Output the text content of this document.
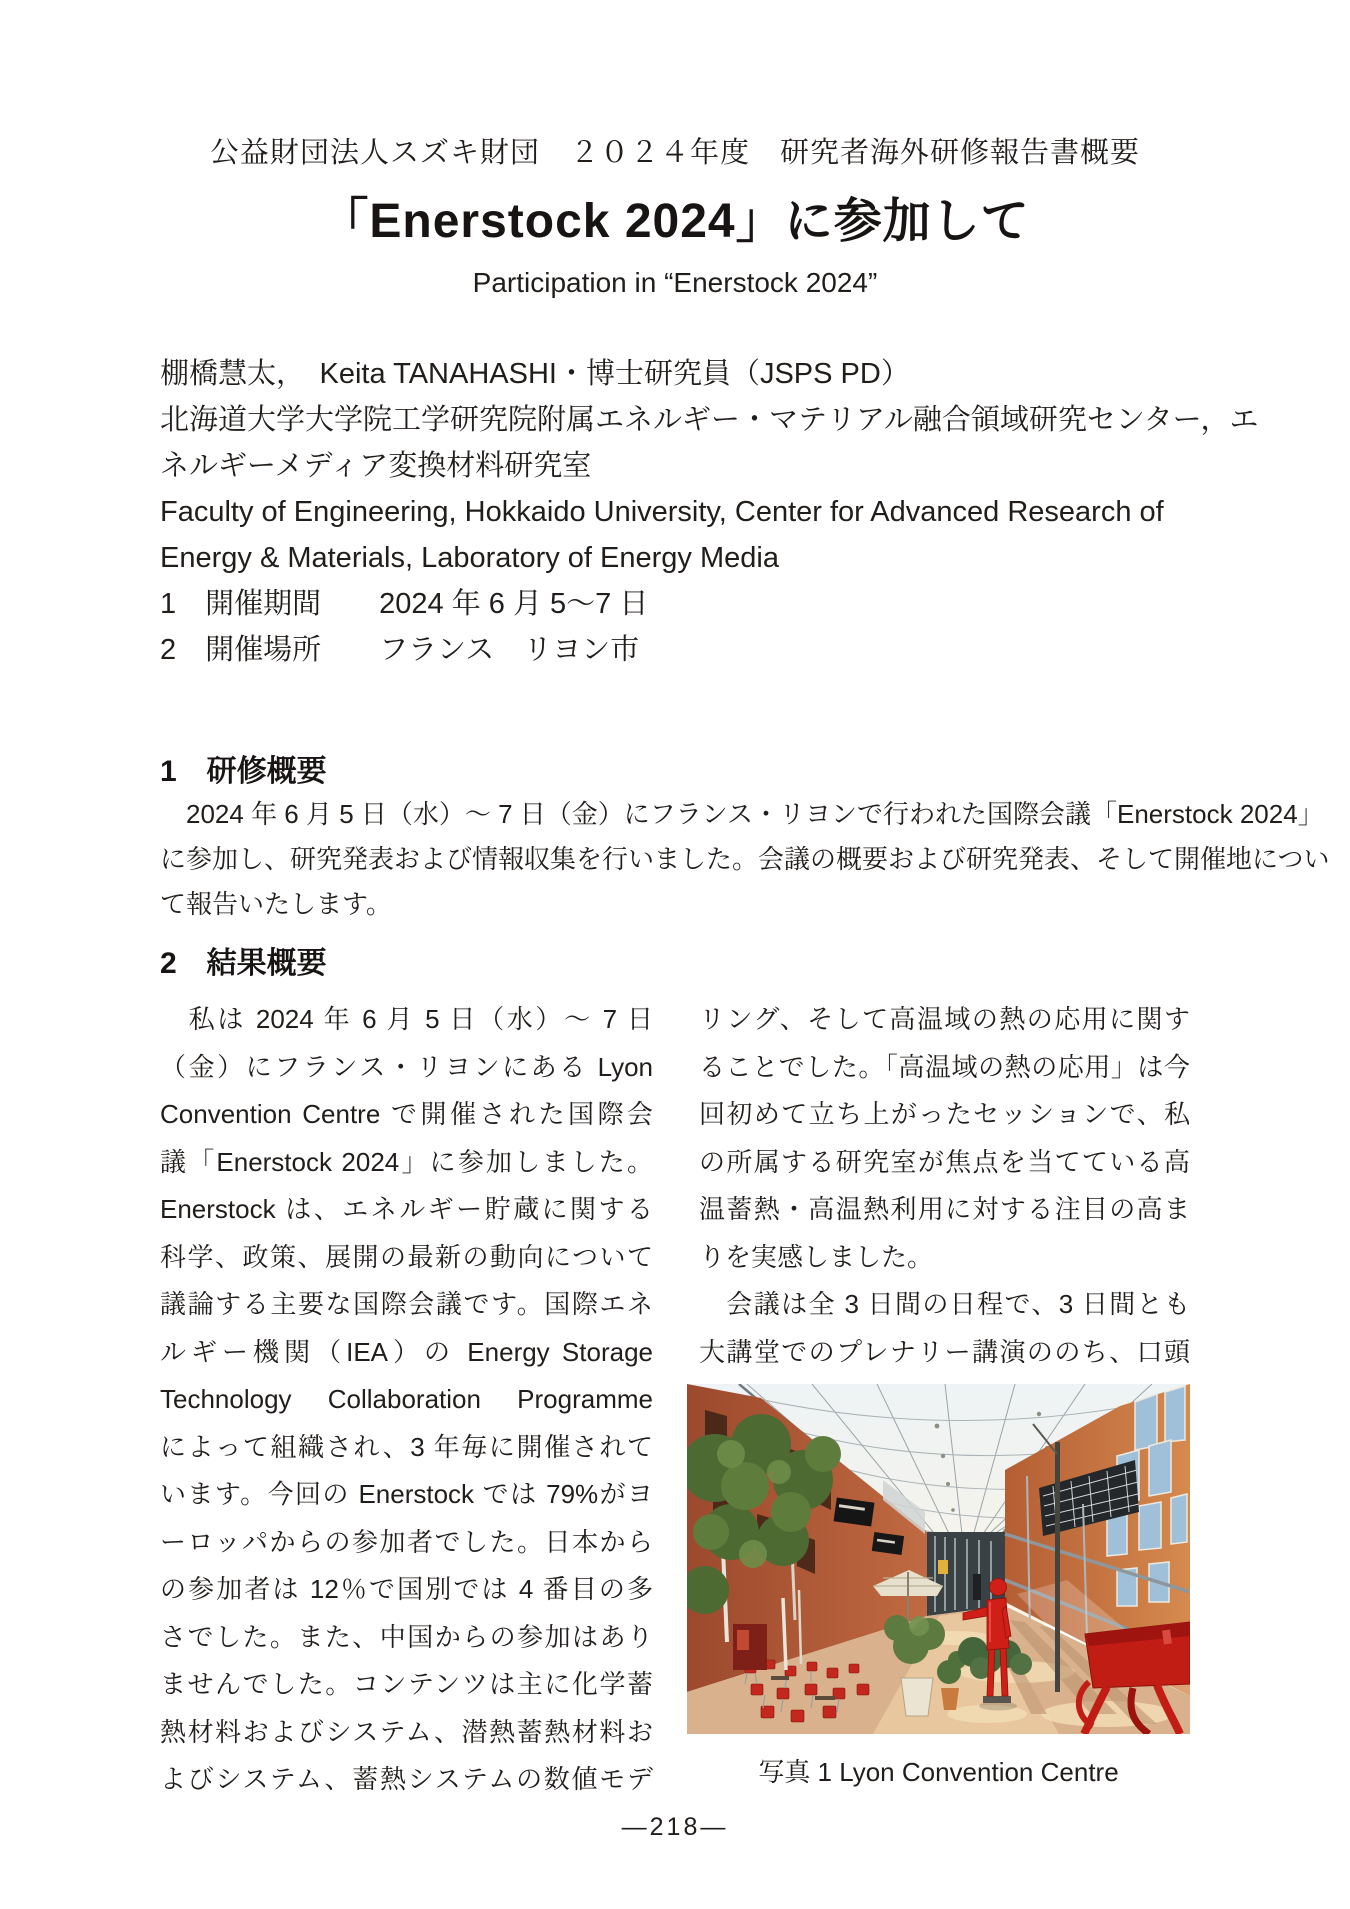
公益財団法人スズキ財団　２０２４年度　研究者海外研修報告書概要
「Enerstock 2024」に参加して
Participation in “Enerstock 2024”
棚橋慧太，　Keita TANAHASHI・博士研究員（JSPS PD）
北海道大学大学院工学研究院附属エネルギー・マテリアル融合領域研究センター，エ
ネルギーメディア変換材料研究室
Faculty of Engineering, Hokkaido University, Center for Advanced Research of
Energy & Materials, Laboratory of Energy Media
1　開催期間　　2024 年 6 月 5～7 日
2　開催場所　　フランス　リヨン市
1　研修概要
　2024 年 6 月 5 日（水）～ 7 日（金）にフランス・リヨンで行われた国際会議「Enerstock 2024」
に参加し、研究発表および情報収集を行いました。会議の概要および研究発表、そして開催地につい
て報告いたします。
2　結果概要
　私は 2024 年 6 月 5 日（水）～ 7 日
（金）にフランス・リヨンにある Lyon
Convention Centre で開催された国際会
議「Enerstock 2024」に参加しました。
Enerstock は、エネルギー貯蔵に関する
科学、政策、展開の最新の動向について
議論する主要な国際会議です。国際エネ
ルギー機関（IEA）の Energy Storage
Technology Collaboration Programme
によって組織され、3 年毎に開催されて
います。今回の Enerstock では 79%がヨ
ーロッパからの参加者でした。日本から
の参加者は 12％で国別では 4 番目の多
さでした。また、中国からの参加はあり
ませんでした。コンテンツは主に化学蓄
熱材料およびシステム、潜熱蓄熱材料お
よびシステム、蓄熱システムの数値モデ
リング、そして高温域の熱の応用に関す
ることでした。「高温域の熱の応用」は今
回初めて立ち上がったセッションで、私
の所属する研究室が焦点を当てている高
温蓄熱・高温熱利用に対する注目の高ま
りを実感しました。
　会議は全 3 日間の日程で、3 日間とも
大講堂でのプレナリー講演ののち、口頭
写真 1 Lyon Convention Centre
―218―
